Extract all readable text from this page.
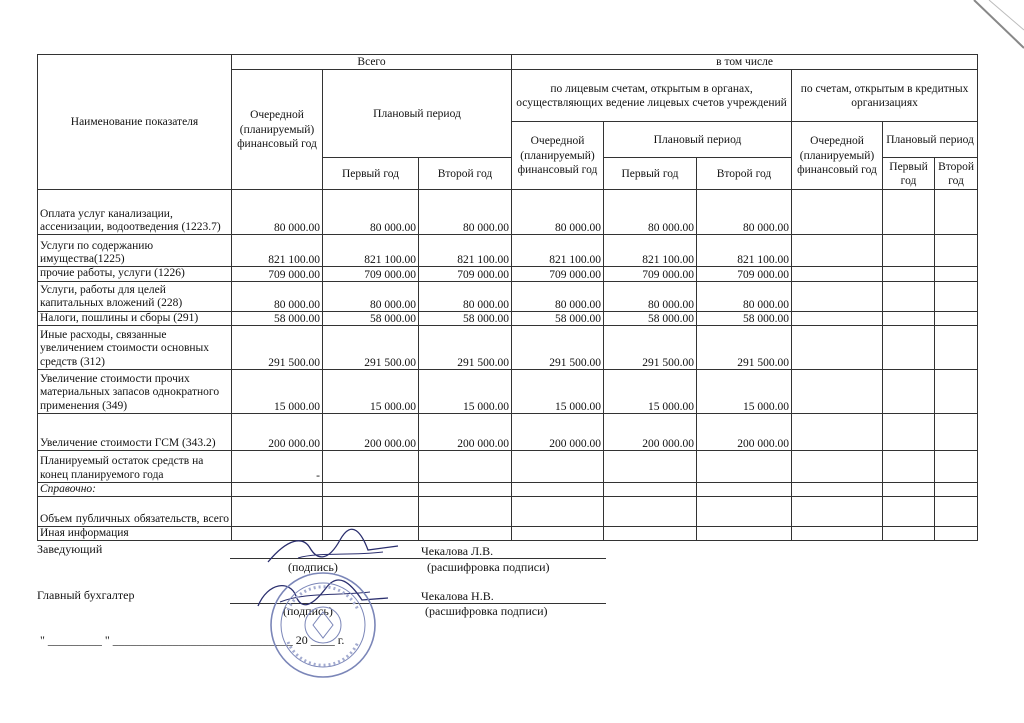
Наименование показателя	Всего			в том числе					
	Очередной (планируемый) финансовый год	Плановый период		по лицевым счетам, открытым в органах, осуществляющих ведение лицевых счетов учреждений			по счетам, открытым в кредитных организациях		
				Очередной (планируемый) финансовый год	Плановый период		Очередной (планируемый) финансовый год	Плановый период	
		Первый год	Второй год		Первый год	Второй год		Первый год	Второй год
Оплата услуг канализации, ассенизации, водоотведения (1223.7)	80 000.00	80 000.00	80 000.00	80 000.00	80 000.00	80 000.00			
Услуги по содержанию имущества(1225)	821 100.00	821 100.00	821 100.00	821 100.00	821 100.00	821 100.00			
прочие работы, услуги (1226)	709 000.00	709 000.00	709 000.00	709 000.00	709 000.00	709 000.00			
Услуги, работы для целей капитальных вложений (228)	80 000.00	80 000.00	80 000.00	80 000.00	80 000.00	80 000.00			
Налоги, пошлины и сборы (291)	58 000.00	58 000.00	58 000.00	58 000.00	58 000.00	58 000.00			
Иные расходы, связанные увеличением стоимости основных средств (312)	291 500.00	291 500.00	291 500.00	291 500.00	291 500.00	291 500.00			
Увеличение стоимости прочих материальных запасов однократного применения (349)	15 000.00	15 000.00	15 000.00	15 000.00	15 000.00	15 000.00			
Увеличение стоимости ГСМ (343.2)	200 000.00	200 000.00	200 000.00	200 000.00	200 000.00	200 000.00			
Планируемый остаток средств на конец планируемого года	-								
Справочно:									
Объем публичных обязательств, всего									
Иная информация									
Заведующий	Чекалова Л.В.
(подпись)	(расшифровка подписи)
Главный бухгалтер	Чекалова Н.В.
(подпись)	(расшифровка подписи)
" _________ " ______________________________ 20 ____ г.
